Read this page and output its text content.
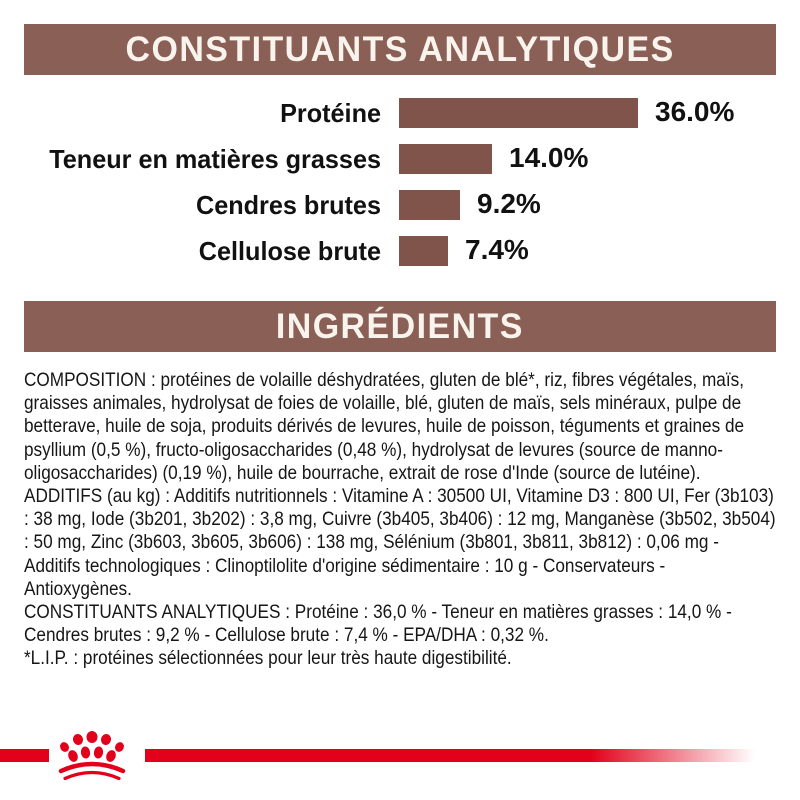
CONSTITUANTS ANALYTIQUES
Protéine	36.0%
Teneur en matières grasses	14.0%
Cendres brutes	9.2%
Cellulose brute	7.4%
INGRÉDIENTS
COMPOSITION : protéines de volaille déshydratées, gluten de blé*, riz, fibres végétales, maïs, graisses animales, hydrolysat de foies de volaille, blé, gluten de maïs, sels minéraux, pulpe de betterave, huile de soja, produits dérivés de levures, huile de poisson, téguments et graines de psyllium (0,5 %), fructo-oligosaccharides (0,48 %), hydrolysat de levures (source de manno-oligosaccharides) (0,19 %), huile de bourrache, extrait de rose d'Inde (source de lutéine).
ADDITIFS (au kg) : Additifs nutritionnels : Vitamine A : 30500 UI, Vitamine D3 : 800 UI, Fer (3b103) : 38 mg, Iode (3b201, 3b202) : 3,8 mg, Cuivre (3b405, 3b406) : 12 mg, Manganèse (3b502, 3b504) : 50 mg, Zinc (3b603, 3b605, 3b606) : 138 mg, Sélénium (3b801, 3b811, 3b812) : 0,06 mg - Additifs technologiques : Clinoptilolite d'origine sédimentaire : 10 g - Conservateurs - Antioxygènes.
CONSTITUANTS ANALYTIQUES : Protéine : 36,0 % - Teneur en matières grasses : 14,0 % - Cendres brutes : 9,2 % - Cellulose brute : 7,4 % - EPA/DHA : 0,32 %.
*L.I.P. : protéines sélectionnées pour leur très haute digestibilité.
